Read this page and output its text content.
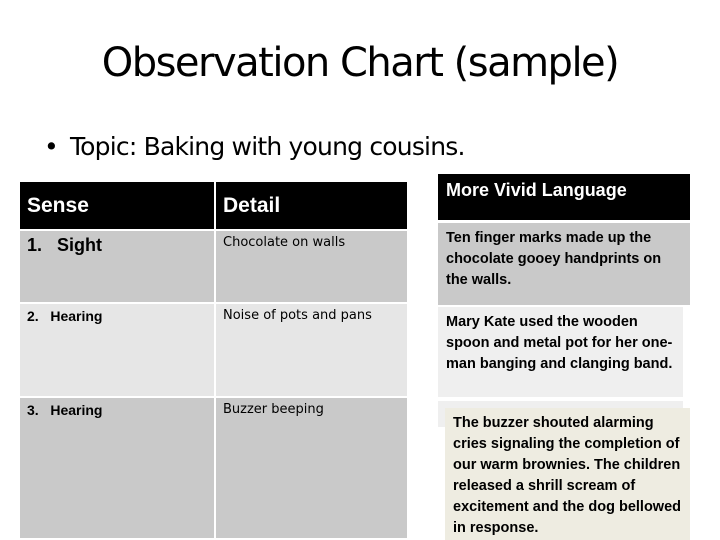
Observation Chart (sample)
• Topic: Baking with young cousins.
Sense	Detail
1.   Sight	Chocolate on walls
2.   Hearing	Noise of pots and pans
3.   Hearing	Buzzer beeping
More Vivid Language
Ten finger marks made up the chocolate gooey handprints on the walls.
Mary Kate used the wooden spoon and metal pot for her one-man banging and clanging band.
The buzzer shouted alarming cries signaling the completion of our warm brownies. The children released a shrill scream of excitement and the dog bellowed in response.
